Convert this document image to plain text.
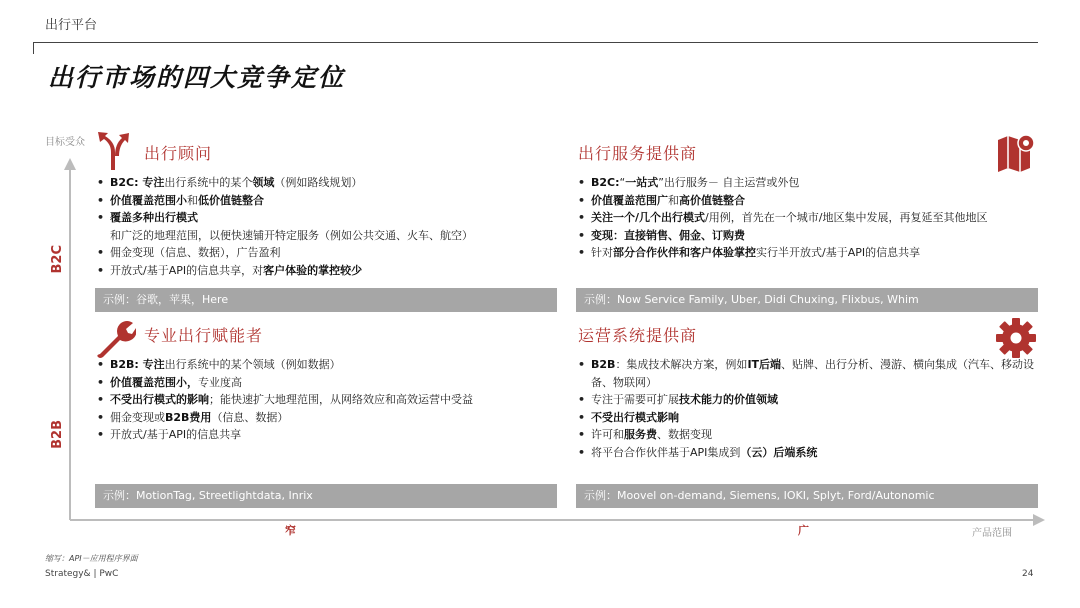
出行平台
出行市场的四大竞争定位
目标受众
B2C
B2B
窄	广	产品范围
出行顾问
• B2C: 专注出行系统中的某个领域（例如路线规划）
• 价值覆盖范围小和低价值链整合
• 覆盖多种出行模式和广泛的地理范围，以便快速铺开特定服务（例如公共交通、火车、航空）
• 佣金变现（信息、数据），广告盈利
• 开放式/基于API的信息共享，对客户体验的掌控较少
示例：谷歌，苹果，Here
出行服务提供商
• B2C:“一站式”出行服务－ 自主运营或外包
• 价值覆盖范围广和高价值链整合
• 关注一个/几个出行模式/用例，首先在一个城市/地区集中发展，再复延至其他地区
• 变现：直接销售、佣金、订购费
• 针对部分合作伙伴和客户体验掌控实行半开放式/基于API的信息共享
示例：Now Service Family, Uber, Didi Chuxing, Flixbus, Whim
专业出行赋能者
• B2B: 专注出行系统中的某个领域（例如数据）
• 价值覆盖范围小，专业度高
• 不受出行模式的影响；能快速扩大地理范围，从网络效应和高效运营中受益
• 佣金变现或B2B费用（信息、数据）
• 开放式/基于API的信息共享
示例：MotionTag, Streetlightdata, Inrix
运营系统提供商
• B2B：集成技术解决方案，例如IT后端、贴牌、出行分析、漫游、横向集成（汽车、移动设备、物联网）
• 专注于需要可扩展技术能力的价值领域
• 不受出行模式影响
• 许可和服务费、数据变现
• 将平台合作伙伴基于API集成到（云）后端系统
示例：Moovel on-demand, Siemens, IOKI, Splyt, Ford/Autonomic
缩写：API－应用程序界面
Strategy& | PwC	24
